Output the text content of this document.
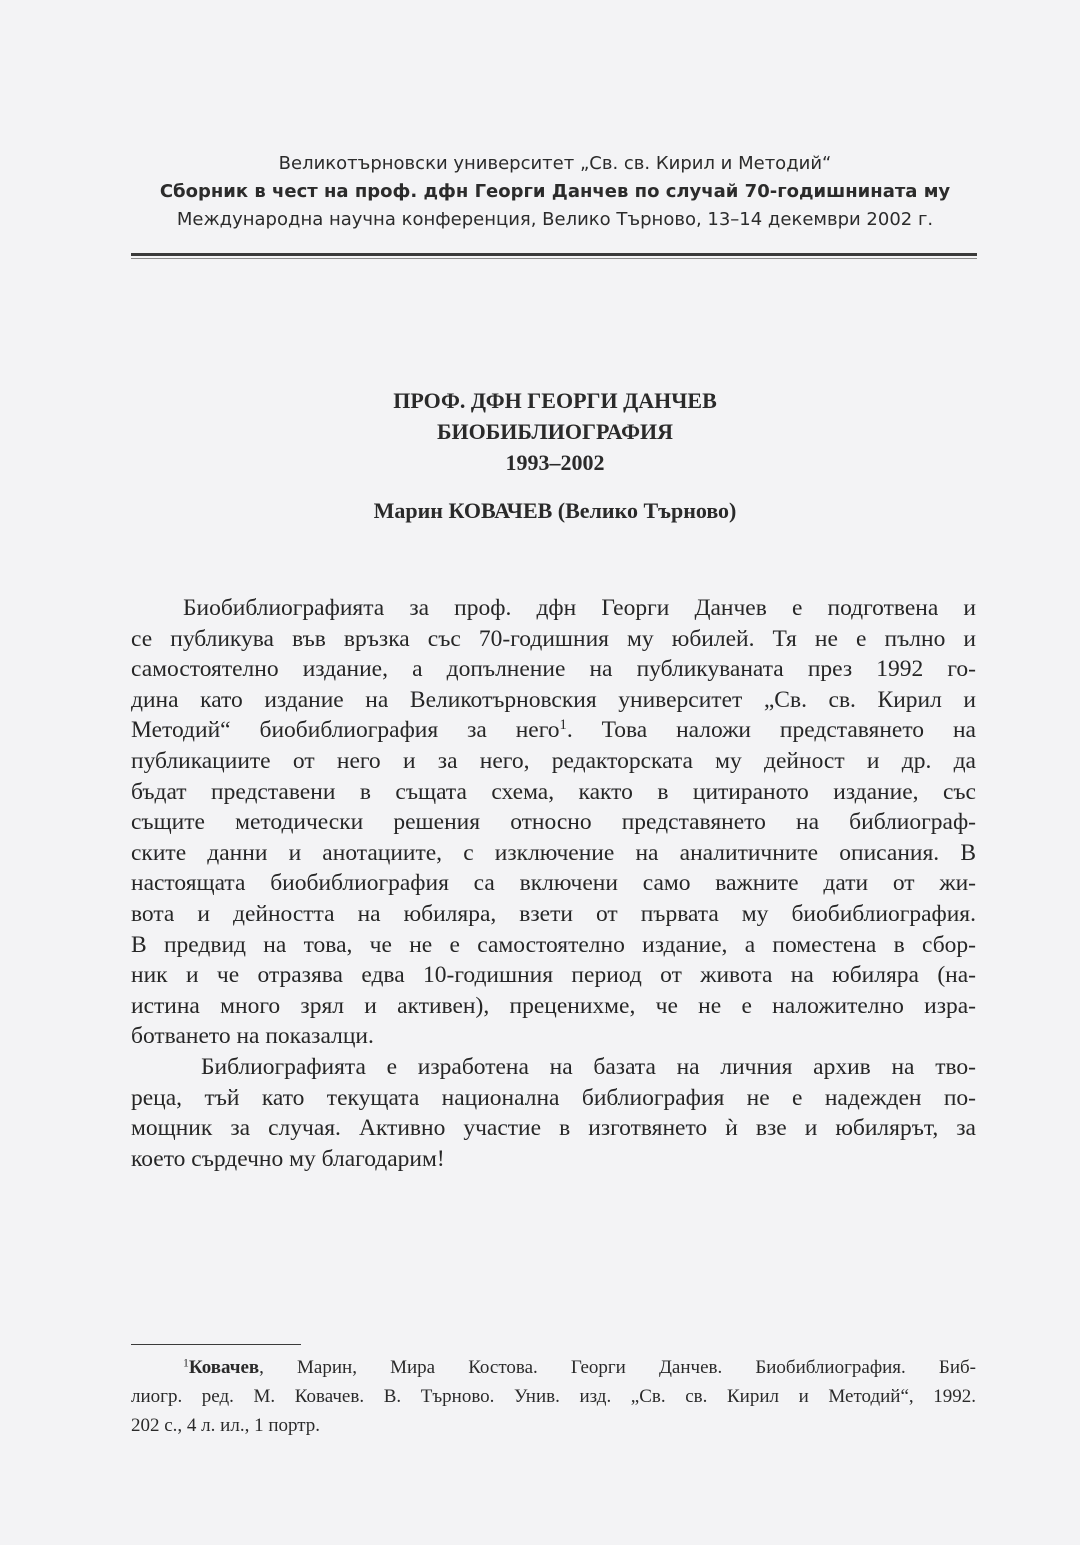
Великотърновски университет „Св. св. Кирил и Методий“
Сборник в чест на проф. дфн Георги Данчев по случай 70-годишнината му
Международна научна конференция, Велико Търново, 13–14 декември 2002 г.
ПРОФ. ДФН ГЕОРГИ ДАНЧЕВ
БИОБИБЛИОГРАФИЯ
1993–2002
Марин КОВАЧЕВ (Велико Търново)
Биобиблиографията за проф. дфн Георги Данчев е подготвена и
се публикува във връзка със 70-годишния му юбилей. Тя не е пълно и
самостоятелно издание, а допълнение на публикуваната през 1992 го-
дина като издание на Великотърновския университет „Св. св. Кирил и
Методий“ биобиблиография за него$^1$. Това наложи представянето на
публикациите от него и за него, редакторската му дейност и др. да
бъдат представени в същата схема, както в цитираното издание, със
същите методически решения относно представянето на библиограф-
ските данни и анотациите, с изключение на аналитичните описания. В
настоящата биобиблиография са включени само важните дати от жи-
вота и дейността на юбиляра, взети от първата му биобиблиография.
В предвид на това, че не е самостоятелно издание, а поместена в сбор-
ник и че отразява едва 10-годишния период от живота на юбиляра (на-
истина много зрял и активен), преценихме, че не е наложително изра-
ботването на показалци.
Библиографията е изработена на базата на личния архив на тво-
реца, тъй като текущата национална библиография не е надежден по-
мощник за случая. Активно участие в изготвянето ѝ взе и юбилярът, за
което сърдечно му благодарим!
$^1$Ковачев, Марин, Мира Костова. Георги Данчев. Биобиблиография. Биб-
лиогр. ред. М. Ковачев. В. Търново. Унив. изд. „Св. св. Кирил и Методий“, 1992.
202 с., 4 л. ил., 1 портр.
